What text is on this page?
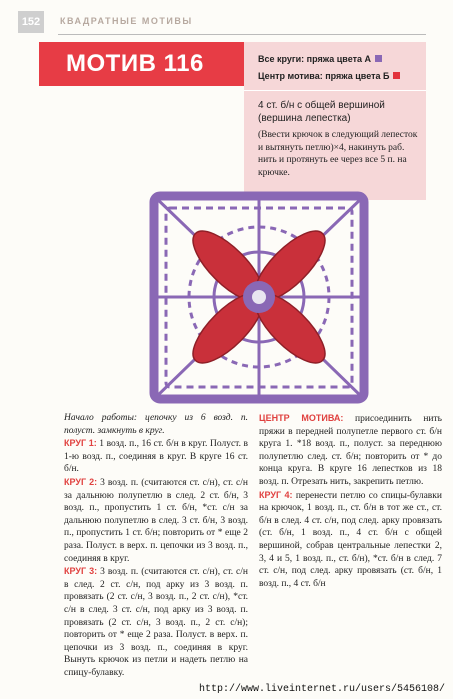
152	КВАДРАТНЫЕ МОТИВЫ
МОТИВ 116	Все круги: пряжа цвета А
Центр мотива: пряжа цвета Б
4 ст. б/н с общей вершиной (вершина лепестка)
(Ввести крючок в следующий лепесток и вытянуть петлю)×4, накинуть раб. нить и протянуть ее через все 5 п. на крючке.

Начало работы: цепочку из 6 возд. п. полуст. замкнуть в круг.

КРУГ 1: 1 возд. п., 16 ст. б/н в круг. Полуст. в 1-ю возд. п., соединяя в круг. В круге 16 ст. б/н.

КРУГ 2: 3 возд. п. (считаются ст. с/н), ст. с/н за дальнюю полупетлю в след. 2 ст. б/н, 3 возд. п., пропустить 1 ст. б/н, *ст. с/н за дальнюю полупетлю в след. 3 ст. б/н, 3 возд. п., пропустить 1 ст. б/н; повторить от * еще 2 раза. Полуст. в верх. п. цепочки из 3 возд. п., соединяя в круг.

КРУГ 3: 3 возд. п. (считаются ст. с/н), ст. с/н в след. 2 ст. с/н, под арку из 3 возд. п. провязать (2 ст. с/н, 3 возд. п., 2 ст. с/н), *ст. с/н в след. 3 ст. с/н, под арку из 3 возд. п. провязать (2 ст. с/н, 3 возд. п., 2 ст. с/н); повторить от * еще 2 раза. Полуст. в верх. п. цепочки из 3 возд. п., соединяя в круг. Вынуть крючок из петли и надеть петлю на спицу-булавку.

ЦЕНТР МОТИВА: присоединить нить пряжи в передней полупетле первого ст. б/н круга 1. *18 возд. п., полуст. за переднюю полупетлю след. ст. б/н; повторить от * до конца круга. В круге 16 лепестков из 18 возд. п. Отрезать нить, закрепить петлю.

КРУГ 4: перенести петлю со спицы-булавки на крючок, 1 возд. п., ст. б/н в тот же ст., ст. б/н в след. 4 ст. с/н, под след. арку провязать (ст. б/н, 1 возд. п., 4 ст. б/н с общей вершиной, собрав центральные лепестки 2, 3, 4 и 5, 1 возд. п., ст. б/н), *ст. б/н в след. 7 ст. с/н, под след. арку провязать (ст. б/н, 1 возд. п., 4 ст. б/н

http://www.liveinternet.ru/users/5456108/
